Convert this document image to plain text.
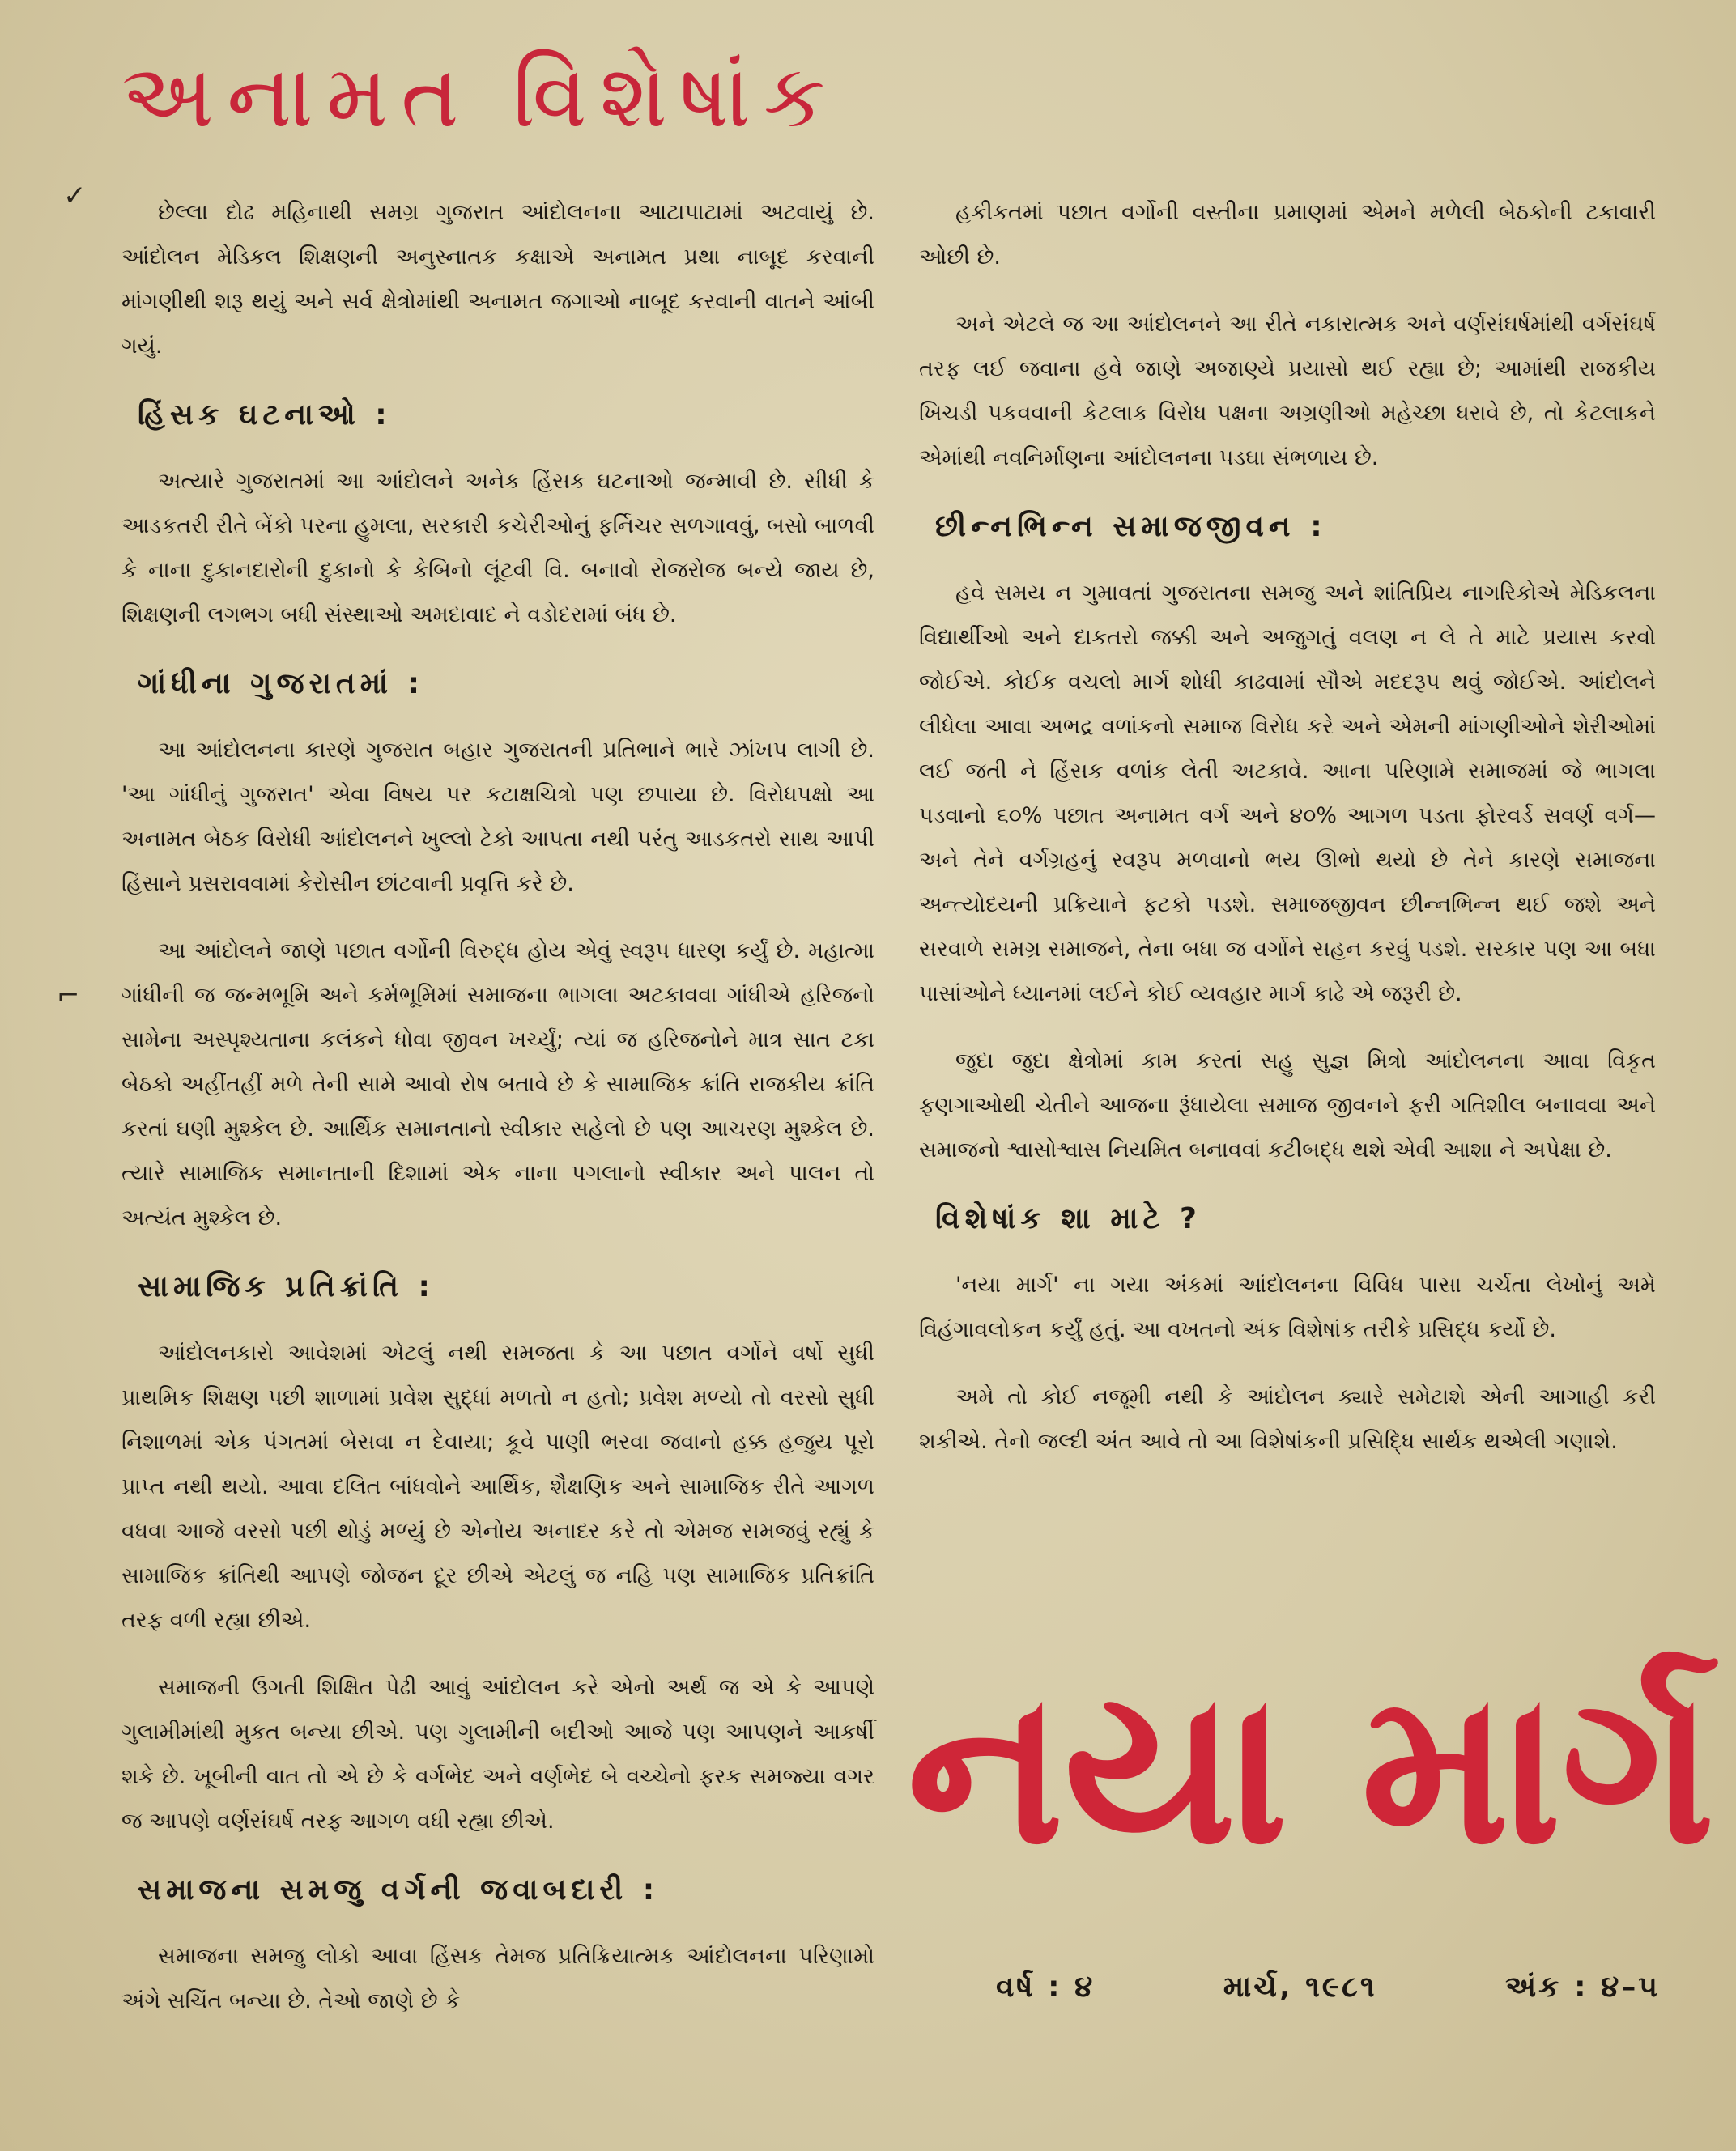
અનામત વિશેષાંક

છેલ્લા દોઢ મહિનાથી સમગ્ર ગુજરાત આંદોલનના આટાપાટામાં અટવાયું છે. આંદોલન મેડિકલ શિક્ષણની અનુસ્નાતક કક્ષાએ અનામત પ્રથા નાબૂદ કરવાની માંગણીથી શરૂ થયું અને સર્વ ક્ષેત્રોમાંથી અનામત જગાઓ નાબૂદ કરવાની વાતને આંબી ગયું.

હિંસક ઘટનાઓ :

અત્યારે ગુજરાતમાં આ આંદોલને અનેક હિંસક ઘટનાઓ જન્માવી છે. સીધી કે આડકતરી રીતે બેંકો પરના હુમલા, સરકારી કચેરીઓનું ફર્નિચર સળગાવવું, બસો બાળવી કે નાના દુકાનદારોની દુકાનો કે કેબિનો લૂંટવી વિ. બનાવો રોજરોજ બન્યે જાય છે, શિક્ષણની લગભગ બધી સંસ્થાઓ અમદાવાદ ને વડોદરામાં બંધ છે.

ગાંધીના ગુજરાતમાં :

આ આંદોલનના કારણે ગુજરાત બહાર ગુજરાતની પ્રતિભાને ભારે ઝાંખપ લાગી છે. 'આ ગાંધીનું ગુજરાત' એવા વિષય પર કટાક્ષચિત્રો પણ છપાયા છે. વિરોધપક્ષો આ અનામત બેઠક વિરોધી આંદોલનને ખુલ્લો ટેકો આપતા નથી પરંતુ આડકતરો સાથ આપી હિંસાને પ્રસરાવવામાં કેરોસીન છાંટવાની પ્રવૃત્તિ કરે છે.

આ આંદોલને જાણે પછાત વર્ગોની વિરુદ્ધ હોય એવું સ્વરૂપ ધારણ કર્યું છે. મહાત્મા ગાંધીની જ જન્મભૂમિ અને કર્મભૂમિમાં સમાજના ભાગલા અટકાવવા ગાંધીએ હરિજનો સામેના અસ્પૃશ્યતાના કલંકને ધોવા જીવન ખર્ચ્યું; ત્યાં જ હરિજનોને માત્ર સાત ટકા બેઠકો અહીંતહીં મળે તેની સામે આવો રોષ બતાવે છે કે સામાજિક ક્રાંતિ રાજકીય ક્રાંતિ કરતાં ઘણી મુશ્કેલ છે. આર્થિક સમાનતાનો સ્વીકાર સહેલો છે પણ આચરણ મુશ્કેલ છે. ત્યારે સામાજિક સમાનતાની દિશામાં એક નાના પગલાનો સ્વીકાર અને પાલન તો અત્યંત મુશ્કેલ છે.

સામાજિક પ્રતિક્રાંતિ :

આંદોલનકારો આવેશમાં એટલું નથી સમજતા કે આ પછાત વર્ગોને વર્ષો સુધી પ્રાથમિક શિક્ષણ પછી શાળામાં પ્રવેશ સુદ્ધાં મળતો ન હતો; પ્રવેશ મળ્યો તો વરસો સુધી નિશાળમાં એક પંગતમાં બેસવા ન દેવાયા; કૂવે પાણી ભરવા જવાનો હક્ક હજુય પૂરો પ્રાપ્ત નથી થયો. આવા દલિત બાંધવોને આર્થિક, શૈક્ષણિક અને સામાજિક રીતે આગળ વધવા આજે વરસો પછી થોડું મળ્યું છે એનોય અનાદર કરે તો એમજ સમજવું રહ્યું કે સામાજિક ક્રાંતિથી આપણે જોજન દૂર છીએ એટલું જ નહિ પણ સામાજિક પ્રતિક્રાંતિ તરફ વળી રહ્યા છીએ.

સમાજની ઉગતી શિક્ષિત પેઢી આવું આંદોલન કરે એનો અર્થ જ એ કે આપણે ગુલામીમાંથી મુકત બન્યા છીએ. પણ ગુલામીની બદીઓ આજે પણ આપણને આકર્ષી શકે છે. ખૂબીની વાત તો એ છે કે વર્ગભેદ અને વર્ણભેદ બે વચ્ચેનો ફરક સમજ્યા વગર જ આપણે વર્ણસંઘર્ષ તરફ આગળ વધી રહ્યા છીએ.

સમાજના સમજુ વર્ગની જવાબદારી :

સમાજના સમજુ લોકો આવા હિંસક તેમજ પ્રતિક્રિયાત્મક આંદોલનના પરિણામો અંગે સચિંત બન્યા છે. તેઓ જાણે છે કે

હકીકતમાં પછાત વર્ગોની વસ્તીના પ્રમાણમાં એમને મળેલી બેઠકોની ટકાવારી ઓછી છે.

અને એટલે જ આ આંદોલનને આ રીતે નકારાત્મક અને વર્ણસંઘર્ષમાંથી વર્ગસંઘર્ષ તરફ લઈ જવાના હવે જાણે અજાણ્યે પ્રયાસો થઈ રહ્યા છે; આમાંથી રાજકીય ખિચડી પકવવાની કેટલાક વિરોધ પક્ષના અગ્રણીઓ મહેચ્છા ધરાવે છે, તો કેટલાકને એમાંથી નવનિર્માણના આંદોલનના પડઘા સંભળાય છે.

છીન્નભિન્ન સમાજજીવન :

હવે સમય ન ગુમાવતાં ગુજરાતના સમજુ અને શાંતિપ્રિય નાગરિકોએ મેડિકલના વિદ્યાર્થીઓ અને દાકતરો જક્કી અને અજુગતું વલણ ન લે તે માટે પ્રયાસ કરવો જોઈએ. કોઈક વચલો માર્ગ શોધી કાઢવામાં સૌએ મદદરૂપ થવું જોઈએ. આંદોલને લીધેલા આવા અભદ્ર વળાંકનો સમાજ વિરોધ કરે અને એમની માંગણીઓને શેરીઓમાં લઈ જતી ને હિંસક વળાંક લેતી અટકાવે. આના પરિણામે સમાજમાં જે ભાગલા પડવાનો ૬૦% પછાત અનામત વર્ગ અને ૪૦% આગળ પડતા ફોરવર્ડ સવર્ણ વર્ગ— અને તેને વર્ગગ્રહનું સ્વરૂપ મળવાનો ભય ઊભો થયો છે તેને કારણે સમાજના અન્ત્યોદયની પ્રક્રિયાને ફટકો પડશે. સમાજજીવન છીન્નભિન્ન થઈ જશે અને સરવાળે સમગ્ર સમાજને, તેના બધા જ વર્ગોને સહન કરવું પડશે. સરકાર પણ આ બધા પાસાંઓને ધ્યાનમાં લઈને કોઈ વ્યવહાર માર્ગ કાઢે એ જરૂરી છે.

જુદા જુદા ક્ષેત્રોમાં કામ કરતાં સહુ સુજ્ઞ મિત્રો આંદોલનના આવા વિકૃત ફણગાઓથી ચેતીને આજના રૂંધાયેલા સમાજ જીવનને ફરી ગતિશીલ બનાવવા અને સમાજનો શ્વાસોશ્વાસ નિયમિત બનાવવાં કટીબદ્ધ થશે એવી આશા ને અપેક્ષા છે.

વિશેષાંક શા માટે ?

'નયા માર્ગ' ના ગયા અંકમાં આંદોલનના વિવિધ પાસા ચર્ચતા લેખોનું અમે વિહંગાવલોકન કર્યું હતું. આ વખતનો અંક વિશેષાંક તરીકે પ્રસિદ્ધ કર્યો છે.

અમે તો કોઈ નજૂમી નથી કે આંદોલન ક્યારે સમેટાશે એની આગાહી કરી શકીએ. તેનો જલ્દી અંત આવે તો આ વિશેષાંકની પ્રસિદ્ધિ સાર્થક થએલી ગણાશે.

નયા માર્ગ
વર્ષ : ૪	માર્ચ, ૧૯૮૧	અંક : ૪–૫
✓
⌐
